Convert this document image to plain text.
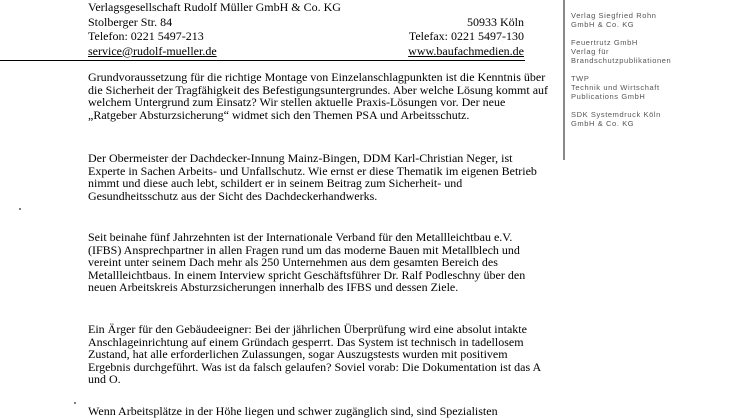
Verlagsgesellschaft Rudolf Müller GmbH & Co. KG
Stolberger Str. 84	50933 Köln
Telefon: 0221 5497-213	Telefax: 0221 5497-130
service@rudolf-mueller.de	www.baufachmedien.de

Grundvoraussetzung für die richtige Montage von Einzelanschlagpunkten ist die Kenntnis über die Sicherheit der Tragfähigkeit des Befestigungsuntergrundes. Aber welche Lösung kommt auf welchem Untergrund zum Einsatz? Wir stellen aktuelle Praxis-Lösungen vor. Der neue „Ratgeber Absturzsicherung“ widmet sich den Themen PSA und Arbeitsschutz.

Der Obermeister der Dachdecker-Innung Mainz-Bingen, DDM Karl-Christian Neger, ist Experte in Sachen Arbeits- und Unfallschutz. Wie ernst er diese Thematik im eigenen Betrieb nimmt und diese auch lebt, schildert er in seinem Beitrag zum Sicherheit- und Gesundheitsschutz aus der Sicht des Dachdeckerhandwerks.

Seit beinahe fünf Jahrzehnten ist der Internationale Verband für den Metallleichtbau e.V. (IFBS) Ansprechpartner in allen Fragen rund um das moderne Bauen mit Metallblech und vereint unter seinem Dach mehr als 250 Unternehmen aus dem gesamten Bereich des Metallleichtbaus. In einem Interview spricht Geschäftsführer Dr. Ralf Podleschny über den neuen Arbeitskreis Absturzsicherungen innerhalb des IFBS und dessen Ziele.

Ein Ärger für den Gebäudeeigner: Bei der jährlichen Überprüfung wird eine absolut intakte Anschlageinrichtung auf einem Gründach gesperrt. Das System ist technisch in tadellosem Zustand, hat alle erforderlichen Zulassungen, sogar Auszugstests wurden mit positivem Ergebnis durchgeführt. Was ist da falsch gelaufen? Soviel vorab: Die Dokumentation ist das A und O.

Wenn Arbeitsplätze in der Höhe liegen und schwer zugänglich sind, sind Spezialisten

Verlag Siegfried Rohn
GmbH & Co. KG

Feuertrutz GmbH
Verlag für
Brandschutzpublikationen

TWP
Technik und Wirtschaft
Publications GmbH

SDK Systemdruck Köln
GmbH & Co. KG
